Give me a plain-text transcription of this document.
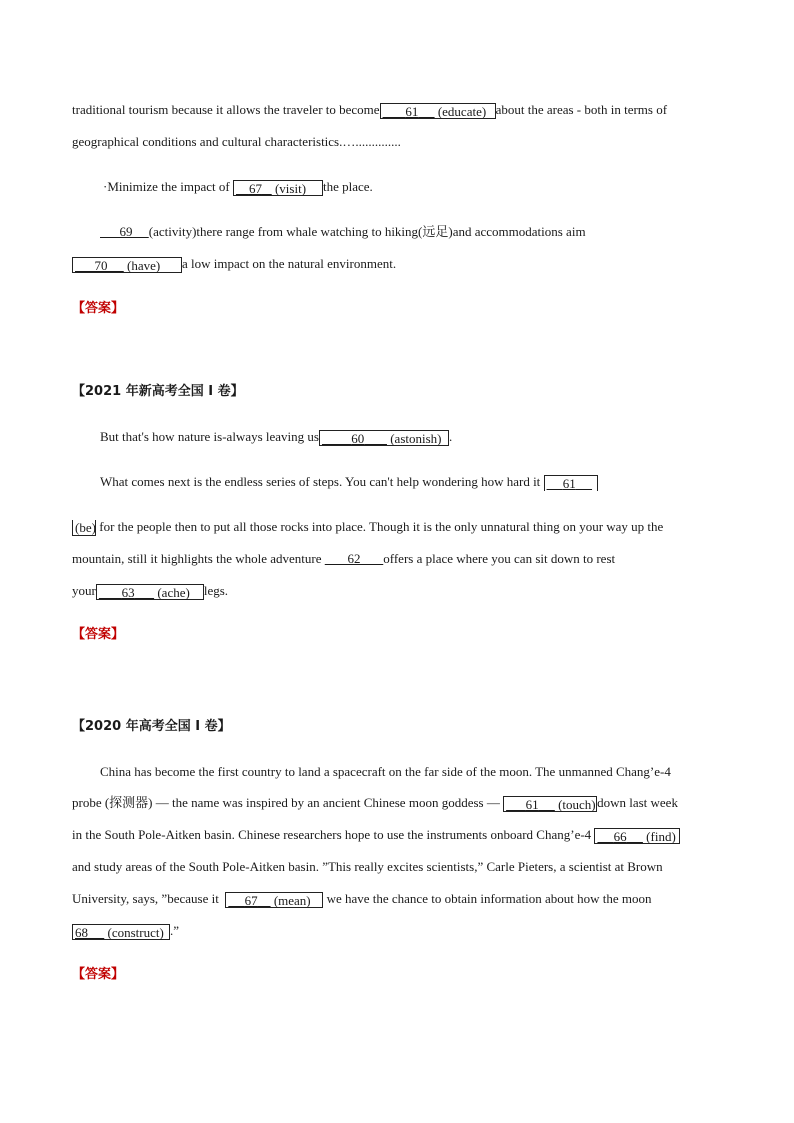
traditional tourism because it allows the traveler to become 61 (educate) about the areas - both in terms of
geographical conditions and cultural characteristics.…..............
·Minimize the impact of 67 (visit) the place.
69 (activity)there range from whale watching to hiking(远足)and accommodations aim
70 (have) a low impact on the natural environment.
【答案】
【2021 年新高考全国 I 卷】
But that's how nature is-always leaving us 60 (astonish) .
What comes next is the endless series of steps. You can't help wondering how hard it 61
(be) for the people then to put all those rocks into place. Though it is the only unnatural thing on your way up the
mountain, still it highlights the whole adventure 62 offers a place where you can sit down to rest
your 63 (ache) legs.
【答案】
【2020 年高考全国 I 卷】
China has become the first country to land a spacecraft on the far side of the moon. The unmanned Chang’e-4
probe (探测器) — the name was inspired by an ancient Chinese moon goddess — 61 (touch)down last week
in the South Pole-Aitken basin. Chinese researchers hope to use the instruments onboard Chang’e-4 66 (find)
and study areas of the South Pole-Aitken basin. ”This really excites scientists,” Carle Pieters, a scientist at Brown
University, says, ”because it 67 (mean) we have the chance to obtain information about how the moon
68 (construct) .”
【答案】
